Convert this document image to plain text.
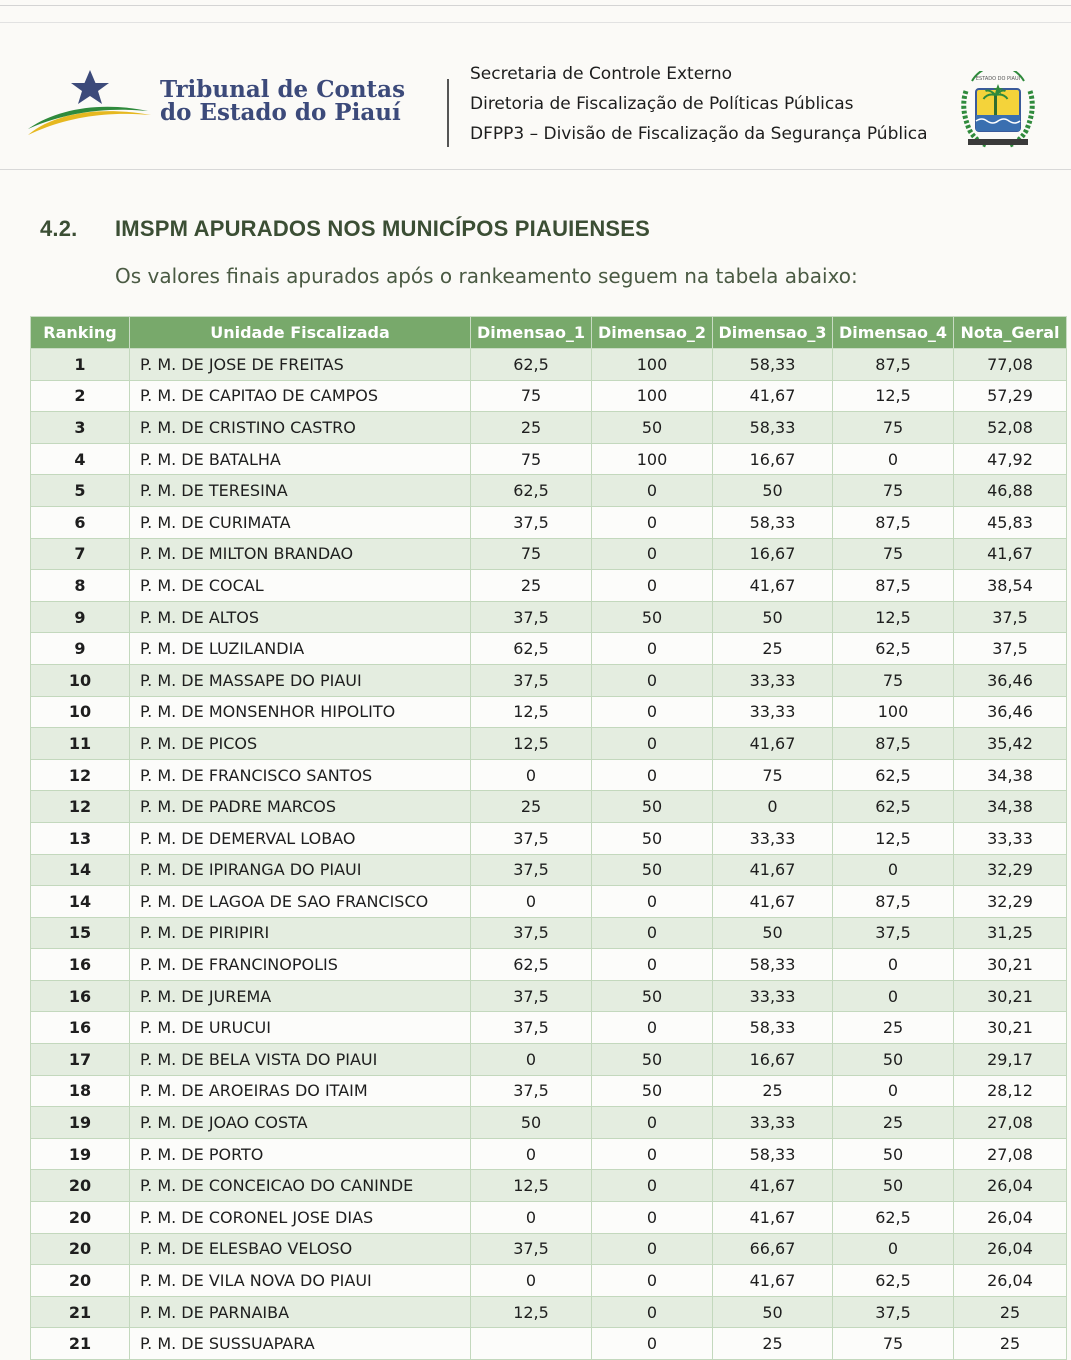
Tribunal de Contas
do Estado do Piauí
Secretaria de Controle Externo
Diretoria de Fiscalização de Políticas Públicas
DFPP3 – Divisão de Fiscalização da Segurança Pública
ESTADO DO PIAUÍ
4.2. IMSPM APURADOS NOS MUNICÍPOS PIAUIENSES
Os valores finais apurados após o rankeamento seguem na tabela abaixo:
Ranking	Unidade Fiscalizada	Dimensao_1	Dimensao_2	Dimensao_3	Dimensao_4	Nota_Geral
1	P. M. DE JOSE DE FREITAS	62,5	100	58,33	87,5	77,08
2	P. M. DE CAPITAO DE CAMPOS	75	100	41,67	12,5	57,29
3	P. M. DE CRISTINO CASTRO	25	50	58,33	75	52,08
4	P. M. DE BATALHA	75	100	16,67	0	47,92
5	P. M. DE TERESINA	62,5	0	50	75	46,88
6	P. M. DE CURIMATA	37,5	0	58,33	87,5	45,83
7	P. M. DE MILTON BRANDAO	75	0	16,67	75	41,67
8	P. M. DE COCAL	25	0	41,67	87,5	38,54
9	P. M. DE ALTOS	37,5	50	50	12,5	37,5
9	P. M. DE LUZILANDIA	62,5	0	25	62,5	37,5
10	P. M. DE MASSAPE DO PIAUI	37,5	0	33,33	75	36,46
10	P. M. DE MONSENHOR HIPOLITO	12,5	0	33,33	100	36,46
11	P. M. DE PICOS	12,5	0	41,67	87,5	35,42
12	P. M. DE FRANCISCO SANTOS	0	0	75	62,5	34,38
12	P. M. DE PADRE MARCOS	25	50	0	62,5	34,38
13	P. M. DE DEMERVAL LOBAO	37,5	50	33,33	12,5	33,33
14	P. M. DE IPIRANGA DO PIAUI	37,5	50	41,67	0	32,29
14	P. M. DE LAGOA DE SAO FRANCISCO	0	0	41,67	87,5	32,29
15	P. M. DE PIRIPIRI	37,5	0	50	37,5	31,25
16	P. M. DE FRANCINOPOLIS	62,5	0	58,33	0	30,21
16	P. M. DE JUREMA	37,5	50	33,33	0	30,21
16	P. M. DE URUCUI	37,5	0	58,33	25	30,21
17	P. M. DE BELA VISTA DO PIAUI	0	50	16,67	50	29,17
18	P. M. DE AROEIRAS DO ITAIM	37,5	50	25	0	28,12
19	P. M. DE JOAO COSTA	50	0	33,33	25	27,08
19	P. M. DE PORTO	0	0	58,33	50	27,08
20	P. M. DE CONCEICAO DO CANINDE	12,5	0	41,67	50	26,04
20	P. M. DE CORONEL JOSE DIAS	0	0	41,67	62,5	26,04
20	P. M. DE ELESBAO VELOSO	37,5	0	66,67	0	26,04
20	P. M. DE VILA NOVA DO PIAUI	0	0	41,67	62,5	26,04
21	P. M. DE PARNAIBA	12,5	0	50	37,5	25
21	P. M. DE SUSSUAPARA		0	25	75	25
